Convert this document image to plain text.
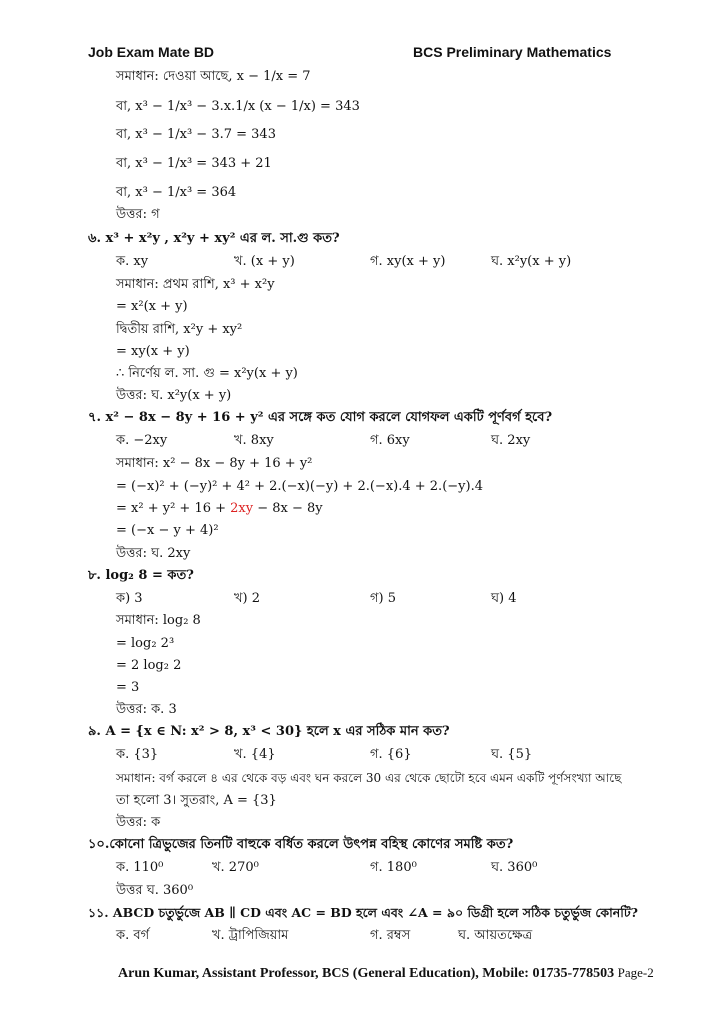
Job Exam Mate BD	BCS Preliminary Mathematics
সমাধান: দেওয়া আছে, x − 1/x = 7
বা, x³ − 1/x³ − 3.x.1/x (x − 1/x) = 343
বা, x³ − 1/x³ − 3.7 = 343
বা, x³ − 1/x³ = 343 + 21
বা, x³ − 1/x³ = 364
উত্তর: গ
৬. x³ + x²y , x²y + xy² এর ল. সা.গু কত?
ক. xy	খ. (x + y)	গ. xy(x + y)	ঘ. x²y(x + y)
সমাধান: প্রথম রাশি, x³ + x²y
= x²(x + y)
দ্বিতীয় রাশি, x²y + xy²
= xy(x + y)
∴ নির্ণেয় ল. সা. গু = x²y(x + y)
উত্তর: ঘ. x²y(x + y)
৭. x² − 8x − 8y + 16 + y² এর সঙ্গে কত যোগ করলে যোগফল একটি পূর্ণবর্গ হবে?
ক. −2xy	খ. 8xy	গ. 6xy	ঘ. 2xy
সমাধান: x² − 8x − 8y + 16 + y²
= (−x)² + (−y)² + 4² + 2.(−x)(−y) + 2.(−x).4 + 2.(−y).4
= x² + y² + 16 + 2xy − 8x − 8y
= (−x − y + 4)²
উত্তর: ঘ. 2xy
৮. log₂ 8 = কত?
ক) 3	খ) 2	গ) 5	ঘ) 4
সমাধান: log₂ 8
= log₂ 2³
= 2 log₂ 2
= 3
উত্তর: ক. 3
৯. A = {x ∈ N: x² > 8, x³ < 30} হলে x এর সঠিক মান কত?
ক. {3}	খ. {4}	গ. {6}	ঘ. {5}
সমাধান: বর্গ করলে ৪ এর থেকে বড় এবং ঘন করলে 30 এর থেকে ছোটো হবে এমন একটি পূর্ণসংখ্যা আছে
তা হলো 3। সুতরাং, A = {3}
উত্তর: ক
১০.কোনো ত্রিভুজের তিনটি বাহুকে বর্ধিত করলে উৎপন্ন বহিস্থ কোণের সমষ্টি কত?
ক. 110⁰	খ. 270⁰	গ. 180⁰	ঘ. 360⁰
উত্তর ঘ. 360⁰
১১. ABCD চতুর্ভুজে AB ∥ CD এবং AC = BD হলে এবং ∠A = ৯০ ডিগ্রী হলে সঠিক চতুর্ভুজ কোনটি?
ক. বর্গ	খ. ট্রাপিজিয়াম	গ. রম্বস	ঘ. আয়তক্ষেত্র
Arun Kumar, Assistant Professor, BCS (General Education), Mobile: 01735-778503 Page-2
